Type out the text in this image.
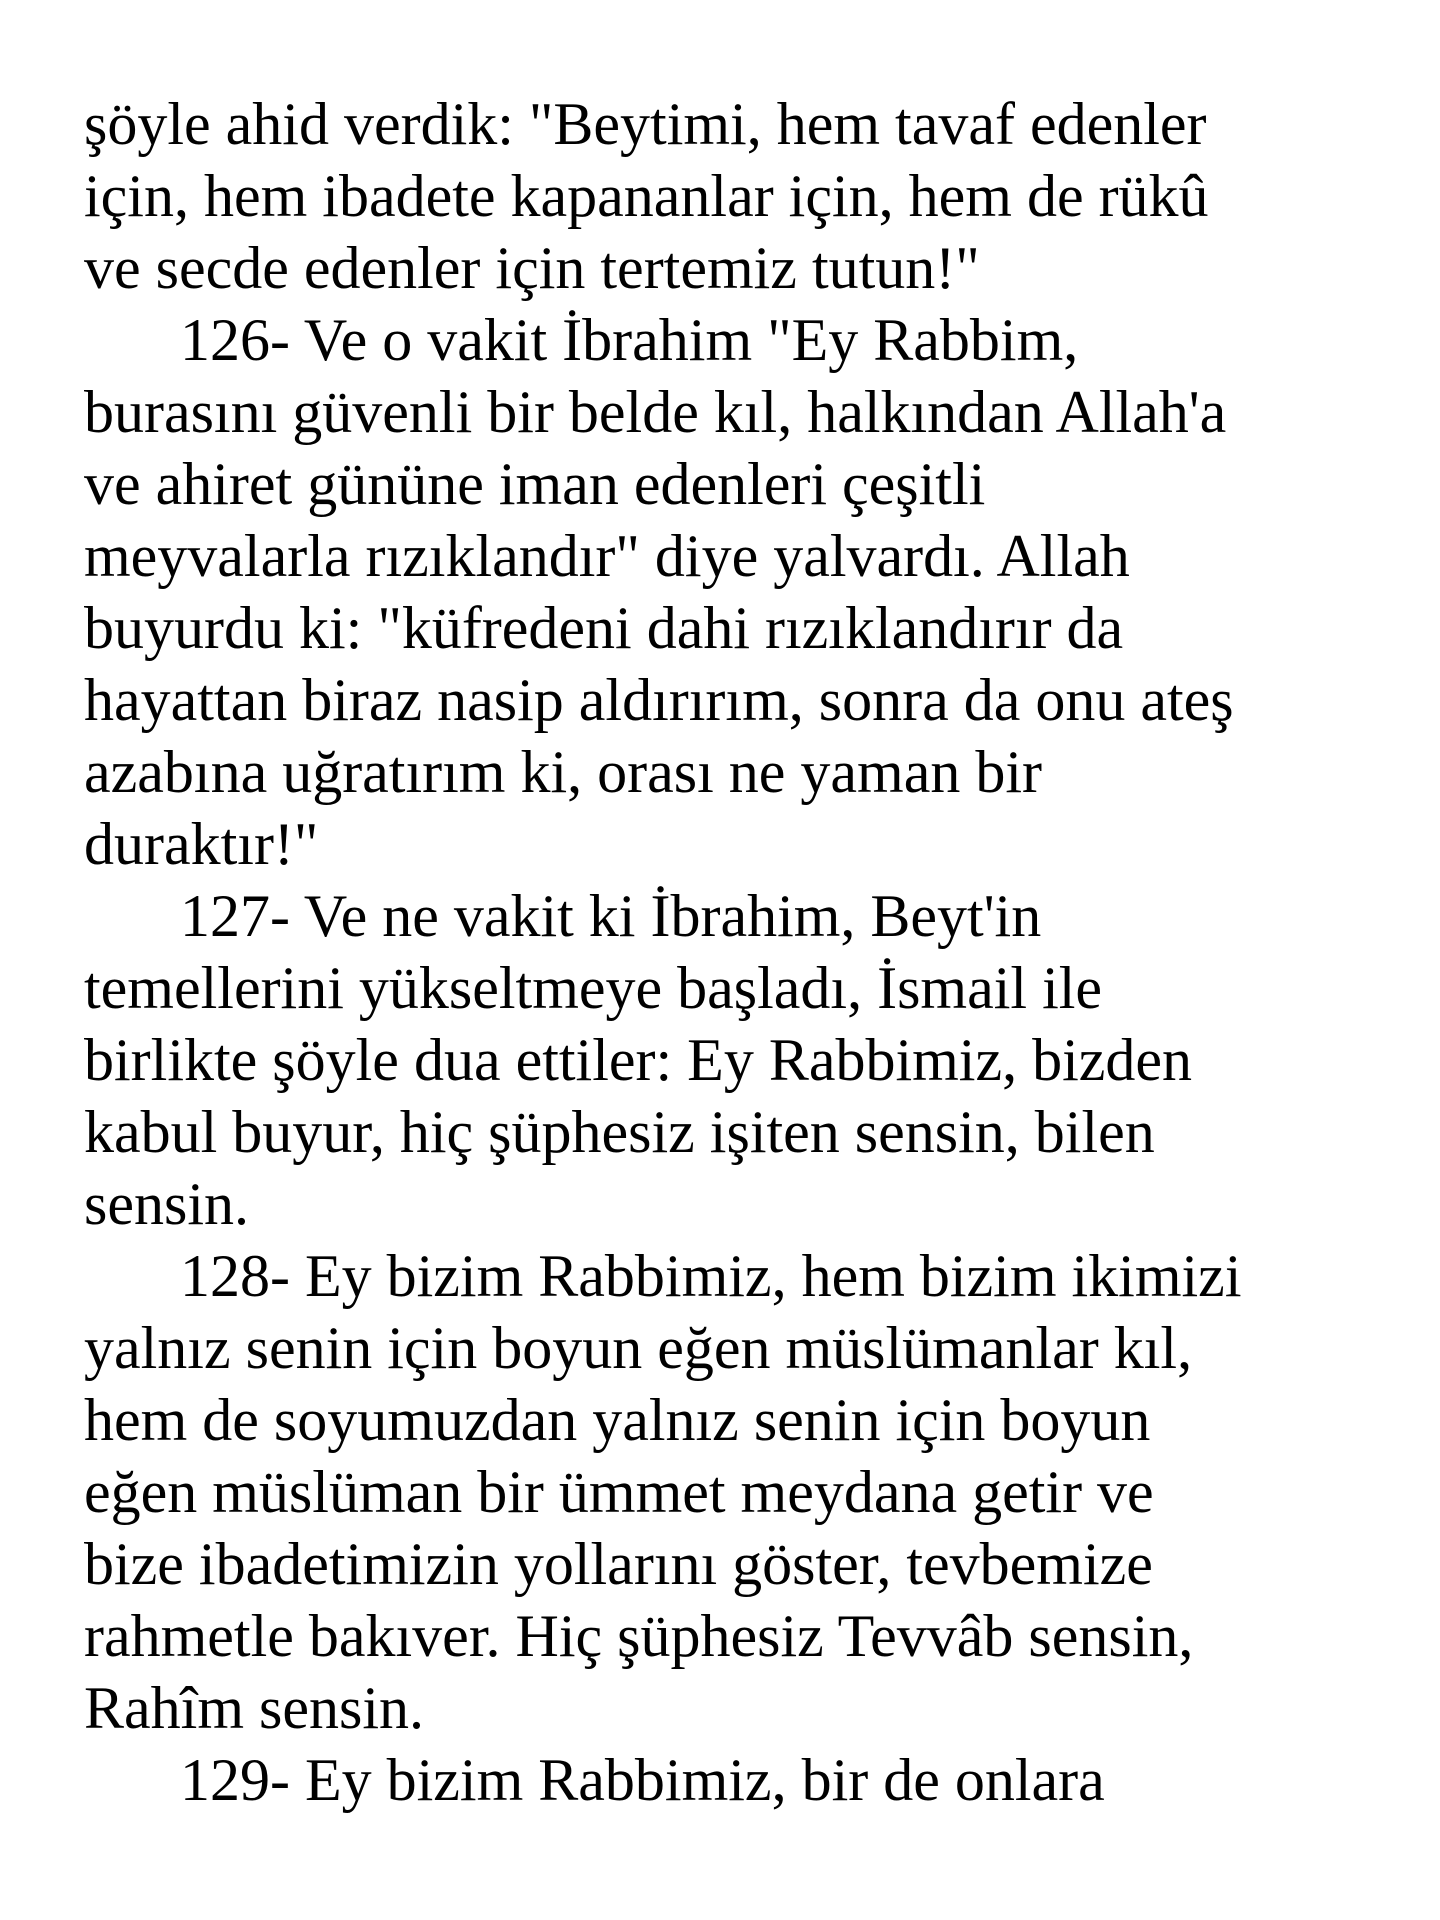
şöyle ahid verdik: "Beytimi, hem tavaf edenler
için, hem ibadete kapananlar için, hem de rükû
ve secde edenler için tertemiz tutun!"
126- Ve o vakit İbrahim "Ey Rabbim,
burasını güvenli bir belde kıl, halkından Allah'a
ve ahiret gününe iman edenleri çeşitli
meyvalarla rızıklandır" diye yalvardı. Allah
buyurdu ki: "küfredeni dahi rızıklandırır da
hayattan biraz nasip aldırırım, sonra da onu ateş
azabına uğratırım ki, orası ne yaman bir
duraktır!"
127- Ve ne vakit ki İbrahim, Beyt'in
temellerini yükseltmeye başladı, İsmail ile
birlikte şöyle dua ettiler: Ey Rabbimiz, bizden
kabul buyur, hiç şüphesiz işiten sensin, bilen
sensin.
128- Ey bizim Rabbimiz, hem bizim ikimizi
yalnız senin için boyun eğen müslümanlar kıl,
hem de soyumuzdan yalnız senin için boyun
eğen müslüman bir ümmet meydana getir ve
bize ibadetimizin yollarını göster, tevbemize
rahmetle bakıver. Hiç şüphesiz Tevvâb sensin,
Rahîm sensin.
129- Ey bizim Rabbimiz, bir de onlara
